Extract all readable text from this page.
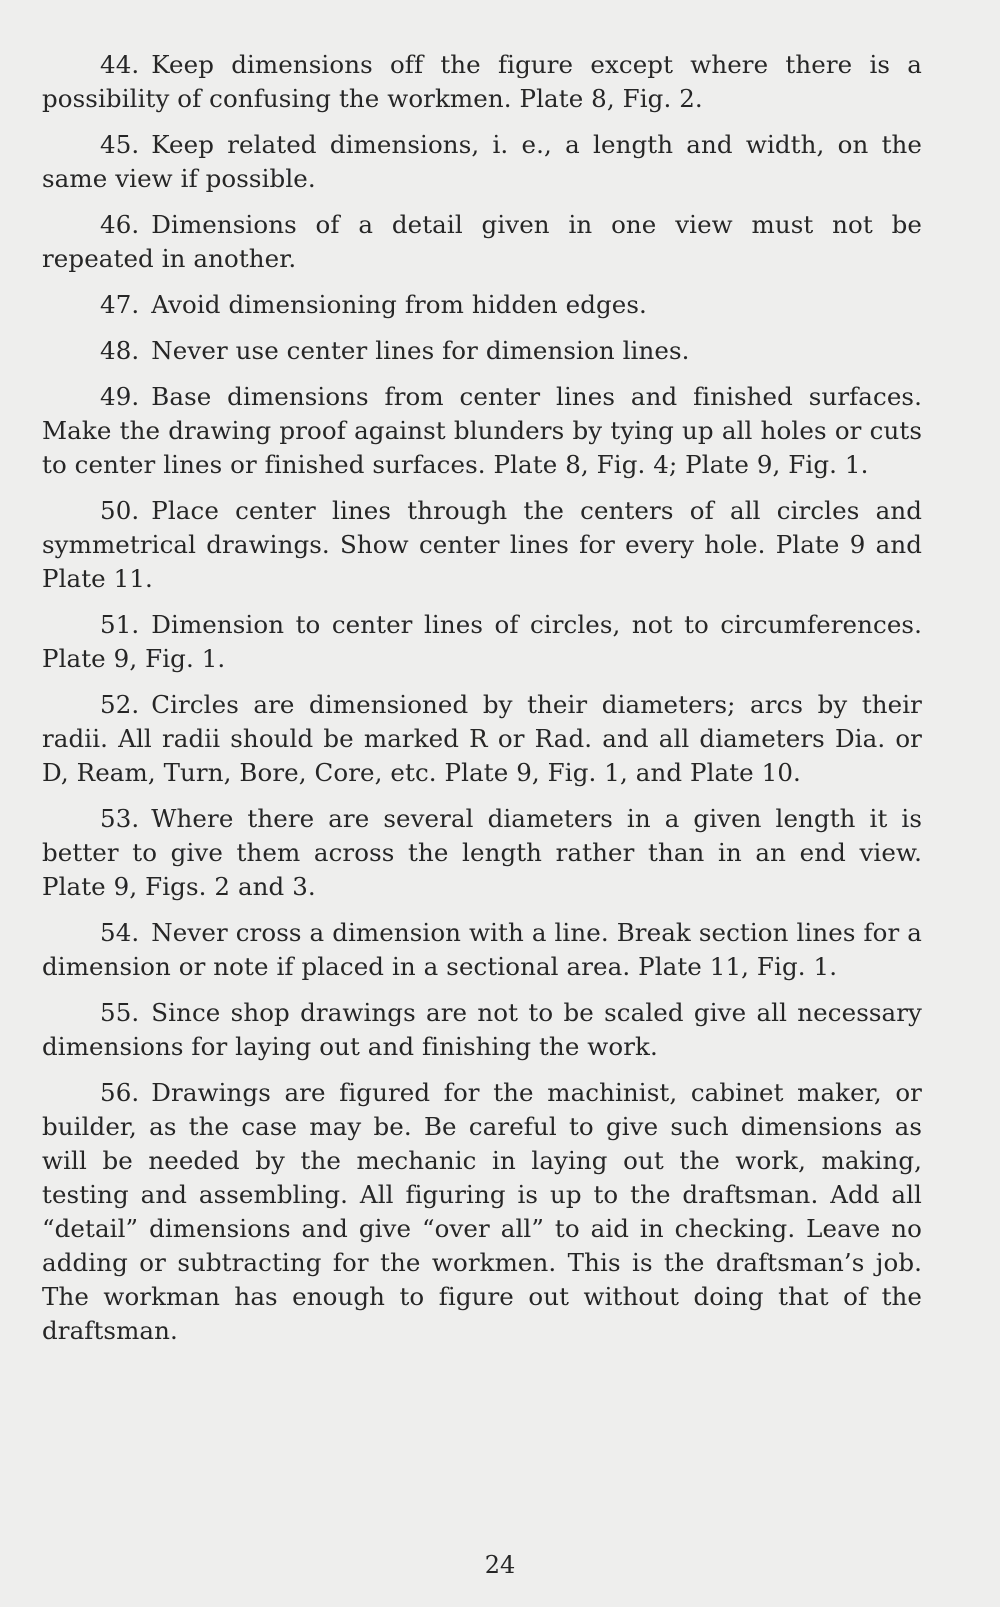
44. Keep dimensions off the figure except where there is a possibility of confusing the workmen. Plate 8, Fig. 2.
45. Keep related dimensions, i. e., a length and width, on the same view if possible.
46. Dimensions of a detail given in one view must not be repeated in another.
47. Avoid dimensioning from hidden edges.
48. Never use center lines for dimension lines.
49. Base dimensions from center lines and finished surfaces. Make the drawing proof against blunders by tying up all holes or cuts to center lines or finished surfaces. Plate 8, Fig. 4; Plate 9, Fig. 1.
50. Place center lines through the centers of all circles and symmetrical drawings. Show center lines for every hole. Plate 9 and Plate 11.
51. Dimension to center lines of circles, not to circumferences. Plate 9, Fig. 1.
52. Circles are dimensioned by their diameters; arcs by their radii. All radii should be marked R or Rad. and all diameters Dia. or D, Ream, Turn, Bore, Core, etc. Plate 9, Fig. 1, and Plate 10.
53. Where there are several diameters in a given length it is better to give them across the length rather than in an end view. Plate 9, Figs. 2 and 3.
54. Never cross a dimension with a line. Break section lines for a dimension or note if placed in a sectional area. Plate 11, Fig. 1.
55. Since shop drawings are not to be scaled give all necessary dimensions for laying out and finishing the work.
56. Drawings are figured for the machinist, cabinet maker, or builder, as the case may be. Be careful to give such dimensions as will be needed by the mechanic in laying out the work, making, testing and assembling. All figuring is up to the draftsman. Add all “detail” dimensions and give “over all” to aid in checking. Leave no adding or subtracting for the workmen. This is the draftsman’s job. The workman has enough to figure out without doing that of the draftsman.
24
